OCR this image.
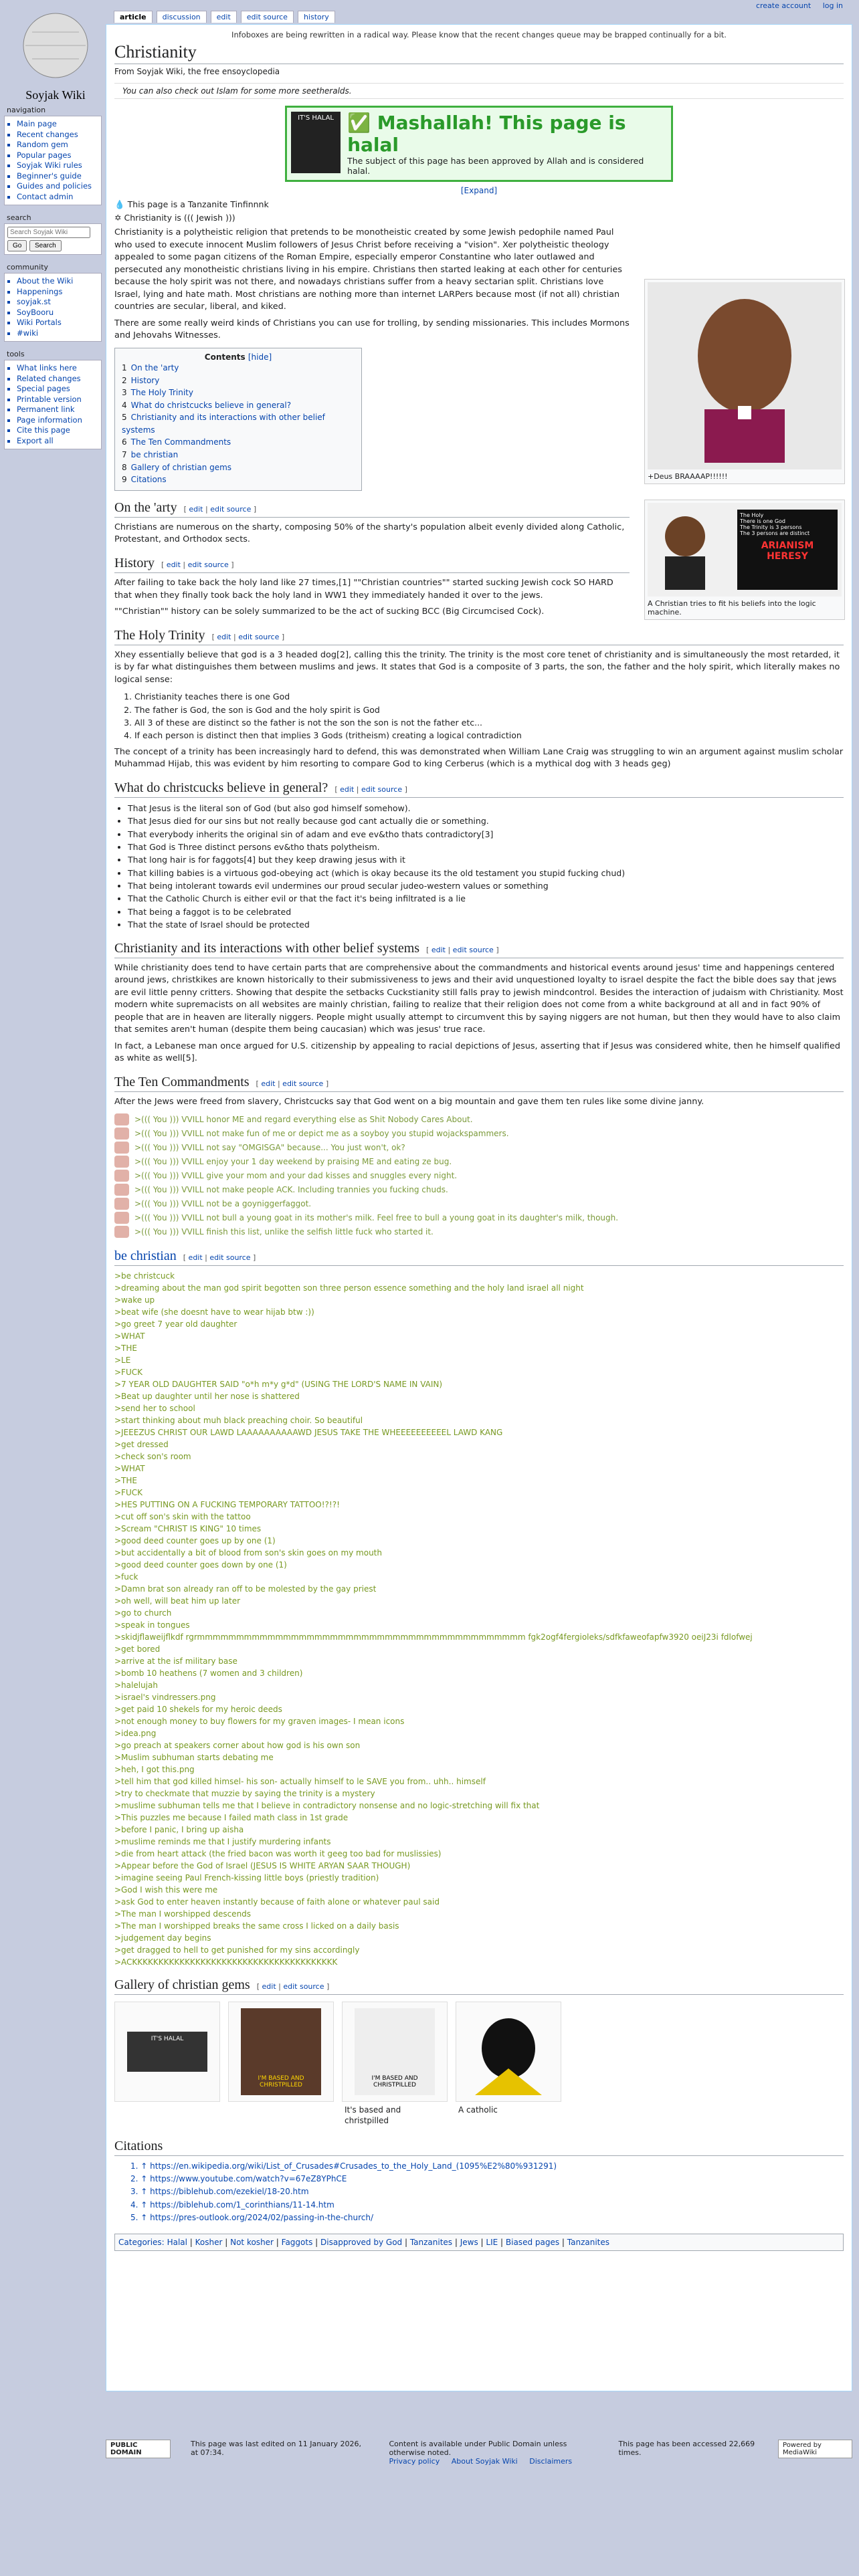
create account log in
Soyjak Wiki
navigation
▪ Main page
▪ Recent changes
▪ Random gem
▪ Popular pages
▪ Soyjak Wiki rules
▪ Beginner's guide
▪ Guides and policies
▪ Contact admin
search
Search Soyjak Wiki Go Search
community
▪ About the Wiki
▪ Happenings
▪ soyjak.st
▪ SoyBooru
▪ Wiki Portals
▪ #wiki
tools
▪ What links here
▪ Related changes
▪ Special pages
▪ Printable version
▪ Permanent link
▪ Page information
▪ Cite this page
▪ Export all
article	discussion	edit	edit source	history
Infoboxes are being rewritten in a radical way. Please know that the recent changes queue may be brapped continually for a bit.
Christianity
From Soyjak Wiki, the free ensoyclopedia
You can also check out Islam for some more seetheralds.
IT'S HALAL ✅ Mashallah! This page is halal
The subject of this page has been approved by Allah and is considered halal.
[Expand]
💧 This page is a Tanzanite Tinfinnnk
✡ Christianity is ((( Jewish )))
+Deus BRAAAAP!!!!!!
The Holy
There is one God
The Trinity is 3 persons
The 3 persons are distinct
ARIANISM
HERESY
A Christian tries to fit his beliefs into the logic machine.

Christianity is a polytheistic religion that pretends to be monotheistic created by some Jewish pedophile named Paul who used to execute innocent Muslim followers of Jesus Christ before receiving a "vision". Xer polytheistic theology appealed to some pagan citizens of the Roman Empire, especially emperor Constantine who later outlawed and persecuted any monotheistic christians living in his empire. Christians then started leaking at each other for centuries because the holy spirit was not there, and nowadays christians suffer from a heavy sectarian split. Christians love Israel, lying and hate math. Most christians are nothing more than internet LARPers because most (if not all) christian countries are secular, liberal, and kiked.

There are some really weird kinds of Christians you can use for trolling, by sending missionaries. This includes Mormons and Jehovahs Witnesses.

Contents [hide]
1 On the 'arty
2 History
3 The Holy Trinity
4 What do christcucks believe in general?
5 Christianity and its interactions with other belief systems
6 The Ten Commandments
7 be christian
8 Gallery of christian gems
9 Citations
On the 'arty [ edit | edit source ]

Christians are numerous on the sharty, composing 50% of the sharty's population albeit evenly divided along Catholic, Protestant, and Orthodox sects.

History [ edit | edit source ]

After failing to take back the holy land like 27 times,[1] ""Christian countries"" started sucking Jewish cock SO HARD that when they finally took back the holy land in WW1 they immediately handed it over to the jews.

""Christian"" history can be solely summarized to be the act of sucking BCC (Big Circumcised Cock).

The Holy Trinity [ edit | edit source ]

Xhey essentially believe that god is a 3 headed dog[2], calling this the trinity. The trinity is the most core tenet of christianity and is simultaneously the most retarded, it is by far what distinguishes them between muslims and jews. It states that God is a composite of 3 parts, the son, the father and the holy spirit, which literally makes no logical sense:

1. Christianity teaches there is one God
2. The father is God, the son is God and the holy spirit is God
3. All 3 of these are distinct so the father is not the son the son is not the father etc...
4. If each person is distinct then that implies 3 Gods (tritheism) creating a logical contradiction

The concept of a trinity has been increasingly hard to defend, this was demonstrated when William Lane Craig was struggling to win an argument against muslim scholar Muhammad Hijab, this was evident by him resorting to compare God to king Cerberus (which is a mythical dog with 3 heads geg)

What do christcucks believe in general? [ edit | edit source ]
• That Jesus is the literal son of God (but also god himself somehow).
• That Jesus died for our sins but not really because god cant actually die or something.
• That everybody inherits the original sin of adam and eve ev&tho thats contradictory[3]
• That God is Three distinct persons ev&tho thats polytheism.
• That long hair is for faggots[4] but they keep drawing jesus with it
• That killing babies is a virtuous god-obeying act (which is okay because its the old testament you stupid fucking chud)
• That being intolerant towards evil undermines our proud secular judeo-western values or something
• That the Catholic Church is either evil or that the fact it's being infiltrated is a lie
• That being a faggot is to be celebrated
• That the state of Israel should be protected
Christianity and its interactions with other belief systems [ edit | edit source ]

While christianity does tend to have certain parts that are comprehensive about the commandments and historical events around jesus' time and happenings centered around jews, christkikes are known historically to their submissiveness to jews and their avid unquestioned loyalty to israel despite the fact the bible does say that jews are evil little penny critters. Showing that despite the setbacks Cuckstianity still falls pray to jewish mindcontrol. Besides the interaction of judaism with Christianity. Most modern white supremacists on all websites are mainly christian, failing to realize that their religion does not come from a white background at all and in fact 90% of people that are in heaven are literally niggers. People might usually attempt to circumvent this by saying niggers are not human, but then they would have to also claim that semites aren't human (despite them being caucasian) which was jesus' true race.

In fact, a Lebanese man once argued for U.S. citizenship by appealing to racial depictions of Jesus, asserting that if Jesus was considered white, then he himself qualified as white as well[5].

The Ten Commandments [ edit | edit source ]

After the Jews were freed from slavery, Christcucks say that God went on a big mountain and gave them ten rules like some divine janny.

>((( You ))) VVILL honor ME and regard everything else as Shit Nobody Cares About.
>((( You ))) VVILL not make fun of me or depict me as a soyboy you stupid wojackspammers.
>((( You ))) VVILL not say "OMGISGA" because... You just won't, ok?
>((( You ))) VVILL enjoy your 1 day weekend by praising ME and eating ze bug.
>((( You ))) VVILL give your mom and your dad kisses and snuggles every night.
>((( You ))) VVILL not make people ACK. Including trannies you fucking chuds.
>((( You ))) VVILL not be a goyniggerfaggot.
>((( You ))) VVILL not bull a young goat in its mother's milk. Feel free to bull a young goat in its daughter's milk, though.
>((( You ))) VVILL finish this list, unlike the selfish little fuck who started it.
be christian [ edit | edit source ]
>be christcuck
>dreaming about the man god spirit begotten son three person essence something and the holy land israel all night
>wake up
>beat wife (she doesnt have to wear hijab btw :))
>go greet 7 year old daughter
>WHAT
>THE
>LE
>FUCK
>7 YEAR OLD DAUGHTER SAID "o*h m*y g*d" (USING THE LORD'S NAME IN VAIN)
>Beat up daughter until her nose is shattered
>send her to school
>start thinking about muh black preaching choir. So beautiful
>JEEEZUS CHRIST OUR LAWD LAAAAAAAAAAWD JESUS TAKE THE WHEEEEEEEEEEL LAWD KANG
>get dressed
>check son's room
>WHAT
>THE
>FUCK
>HES PUTTING ON A FUCKING TEMPORARY TATTOO!?!?!
>cut off son's skin with the tattoo
>Scream "CHRIST IS KING" 10 times
>good deed counter goes up by one (1)
>but accidentally a bit of blood from son's skin goes on my mouth
>good deed counter goes down by one (1)
>fuck
>Damn brat son already ran off to be molested by the gay priest
>oh well, will beat him up later
>go to church
>speak in tongues
>skidjflaweijflkdf rgrmmmmmmmmmmmmmmmmmmmmmmmmmmmmmmmmmmmmmmmmmm fgk2ogf4fergioleks/sdfkfaweofapfw3920 oeiJ23i fdlofwej
>get bored
>arrive at the isf military base
>bomb 10 heathens (7 women and 3 children)
>halelujah
>israel's vindressers.png
>get paid 10 shekels for my heroic deeds
>not enough money to buy flowers for my graven images- I mean icons
>idea.png
>go preach at speakers corner about how god is his own son
>Muslim subhuman starts debating me
>heh, I got this.png
>tell him that god killed himsel- his son- actually himself to le SAVE you from.. uhh.. himself
>try to checkmate that muzzie by saying the trinity is a mystery
>muslime subhuman tells me that I believe in contradictory nonsense and no logic-stretching will fix that
>This puzzles me because I failed math class in 1st grade
>before I panic, I bring up aisha
>muslime reminds me that I justify murdering infants
>die from heart attack (the fried bacon was worth it geeg too bad for muslissies)
>Appear before the God of Israel (JESUS IS WHITE ARYAN SAAR THOUGH)
>imagine seeing Paul French-kissing little boys (priestly tradition)
>God I wish this were me
>ask God to enter heaven instantly because of faith alone or whatever paul said
>The man I worshipped descends
>The man I worshipped breaks the same cross I licked on a daily basis
>judgement day begins
>get dragged to hell to get punished for my sins accordingly
>ACKKKKKKKKKKKKKKKKKKKKKKKKKKKKKKKKKKKKKKK
Gallery of christian gems [ edit | edit source ]
IT'S HALAL
I'M BASED AND CHRISTPILLED
I'M BASED AND CHRISTPILLED
It's based and christpilled
A catholic
Citations
1. ↑ https://en.wikipedia.org/wiki/List_of_Crusades#Crusades_to_the_Holy_Land_(1095%E2%80%931291)
2. ↑ https://www.youtube.com/watch?v=67eZ8YPhCE
3. ↑ https://biblehub.com/ezekiel/18-20.htm
4. ↑ https://biblehub.com/1_corinthians/11-14.htm
5. ↑ https://pres-outlook.org/2024/02/passing-in-the-church/
Categories: Halal | Kosher | Not kosher | Faggots | Disapproved by God | Tanzanites | Jews | LIE | Biased pages | Tanzanites
PUBLIC DOMAIN
This page was last edited on 11 January 2026, at 07:34.
Content is available under Public Domain unless otherwise noted.
Privacy policy About Soyjak Wiki Disclaimers
This page has been accessed 22,669 times.
Powered by MediaWiki
